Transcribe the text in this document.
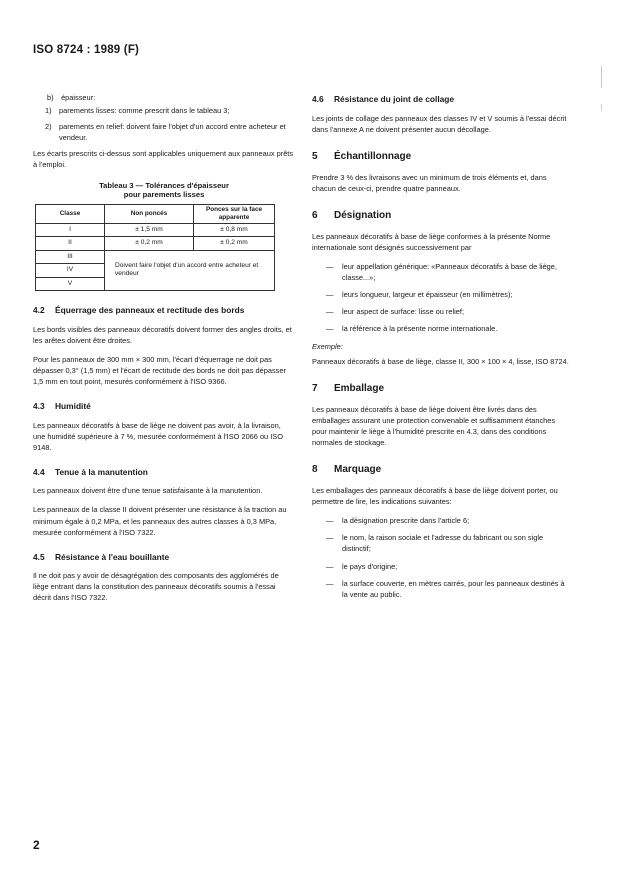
ISO 8724 : 1989 (F)

b) épaisseur:

1) parements lisses: comme prescrit dans le tableau 3;

2) parements en relief: doivent faire l'objet d'un accord entre acheteur et vendeur.

Les écarts prescrits ci-dessus sont applicables uniquement aux panneaux prêts à l'emploi.

Tableau 3 — Tolérances d'épaisseur
pour parements lisses
Classe	Non poncés	Ponces sur la face apparente
I	± 1,5 mm	± 0,8 mm
II	± 0,2 mm	± 0,2 mm
III	Doivent faire l'objet d'un accord entre acheteur et vendeur	
IV		
V		
4.2 Équerrage des panneaux et rectitude des bords

Les bords visibles des panneaux décoratifs doivent former des angles droits, et les arêtes doivent être droites.

Pour les panneaux de 300 mm × 300 mm, l'écart d'équerrage ne doit pas dépasser 0,3° (1,5 mm) et l'écart de rectitude des bords ne doit pas dépasser 1,5 mm en tout point, mesurés conformément à l'ISO 9366.

4.3 Humidité

Les panneaux décoratifs à base de liège ne doivent pas avoir, à la livraison, une humidité supérieure à 7 %, mesurée conformément à l'ISO 2066 ou ISO 9148.

4.4 Tenue à la manutention

Les panneaux doivent être d'une tenue satisfaisante à la manutention.

Les panneaux de la classe II doivent présenter une résistance à la traction au minimum égale à 0,2 MPa, et les panneaux des autres classes à 0,3 MPa, mesurée conformément à l'ISO 7322.

4.5 Résistance à l'eau bouillante

Il ne doit pas y avoir de désagrégation des composants des agglomérés de liège entrant dans la constitution des panneaux décoratifs soumis à l'essai décrit dans l'ISO 7322.

4.6 Résistance du joint de collage

Les joints de collage des panneaux des classes IV et V soumis à l'essai décrit dans l'annexe A ne doivent présenter aucun décollage.

5 Échantillonnage

Prendre 3 % des livraisons avec un minimum de trois éléments et, dans chacun de ceux-ci, prendre quatre panneaux.

6 Désignation

Les panneaux décoratifs à base de liège conformes à la présente Norme internationale sont désignés successivement par

— leur appellation générique: «Panneaux décoratifs à base de liège, classe...»;
— leurs longueur, largeur et épaisseur (en millimètres);
— leur aspect de surface: lisse ou relief;
— la référence à la présente norme internationale.

Exemple:

Panneaux décoratifs à base de liège, classe II, 300 × 100 × 4, lisse, ISO 8724.

7 Emballage

Les panneaux décoratifs à base de liège doivent être livrés dans des emballages assurant une protection convenable et suffisamment étanches pour maintenir le liège à l'humidité prescrite en 4.3, dans des conditions normales de stockage.

8 Marquage

Les emballages des panneaux décoratifs à base de liège doivent porter, ou permettre de lire, les indications suivantes:

— la désignation prescrite dans l'article 6;
— le nom, la raison sociale et l'adresse du fabricant ou son sigle distinctif;
— le pays d'origine;
— la surface couverte, en mètres carrés, pour les panneaux destinés à la vente au public.
2
